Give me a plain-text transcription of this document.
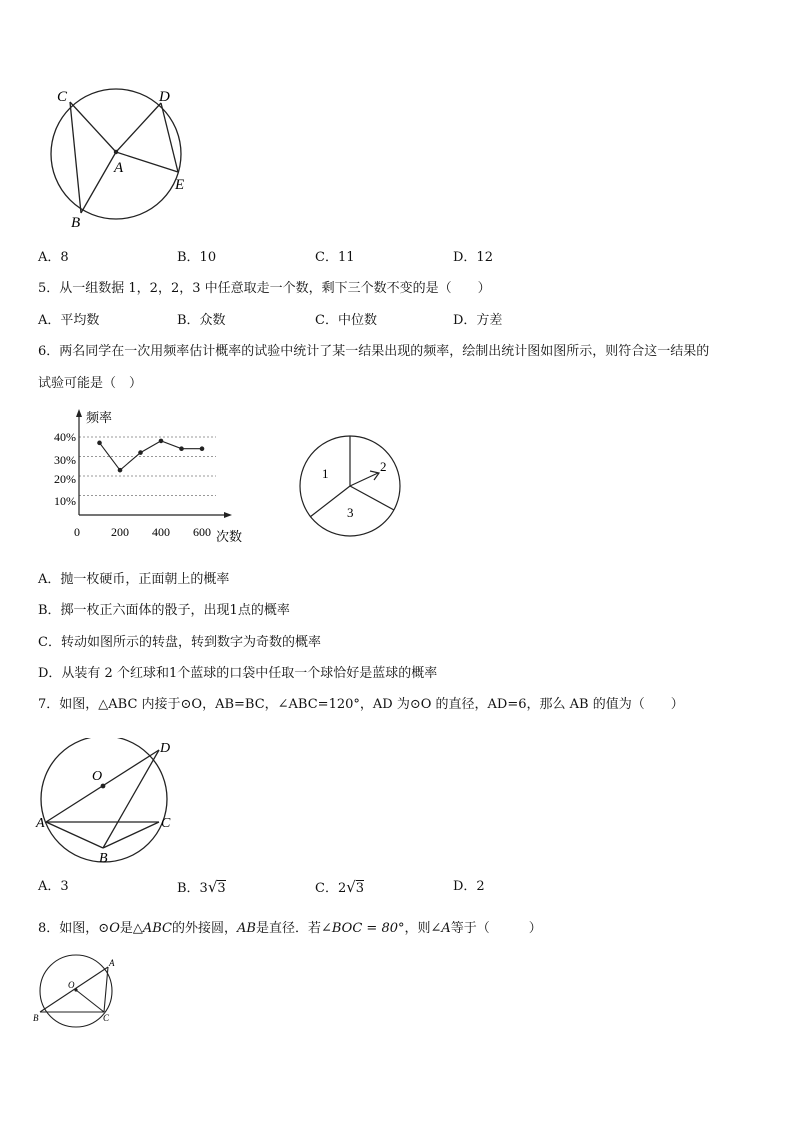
C	D
A
E
B
A．8	B．10	C．11	D．12
5．从一组数据 1，2，2，3 中任意取走一个数，剩下三个数不变的是（　　）
A．平均数	B．众数	C．中位数	D．方差
6．两名同学在一次用频率估计概率的试验中统计了某一结果出现的频率，绘制出统计图如图所示，则符合这一结果的
试验可能是（　）
频率
次数
40%
30%
20%
10%
0	200 400 600
1	2
3
A．抛一枚硬币，正面朝上的概率
B．掷一枚正六面体的骰子，出现1点的概率
C．转动如图所示的转盘，转到数字为奇数的概率
D．从装有 2 个红球和1个蓝球的口袋中任取一个球恰好是蓝球的概率
7．如图，△ABC 内接于⊙O，AB=BC，∠ABC=120°，AD 为⊙O 的直径，AD=6，那么 AB 的值为（　　）
O
D
A	C
B
A．3	B．3√3	C．2√3	D．2
8．如图，⊙O是△ABC的外接圆，AB是直径．若∠BOC = 80°，则∠A等于（　　　）
A
O
B	C
